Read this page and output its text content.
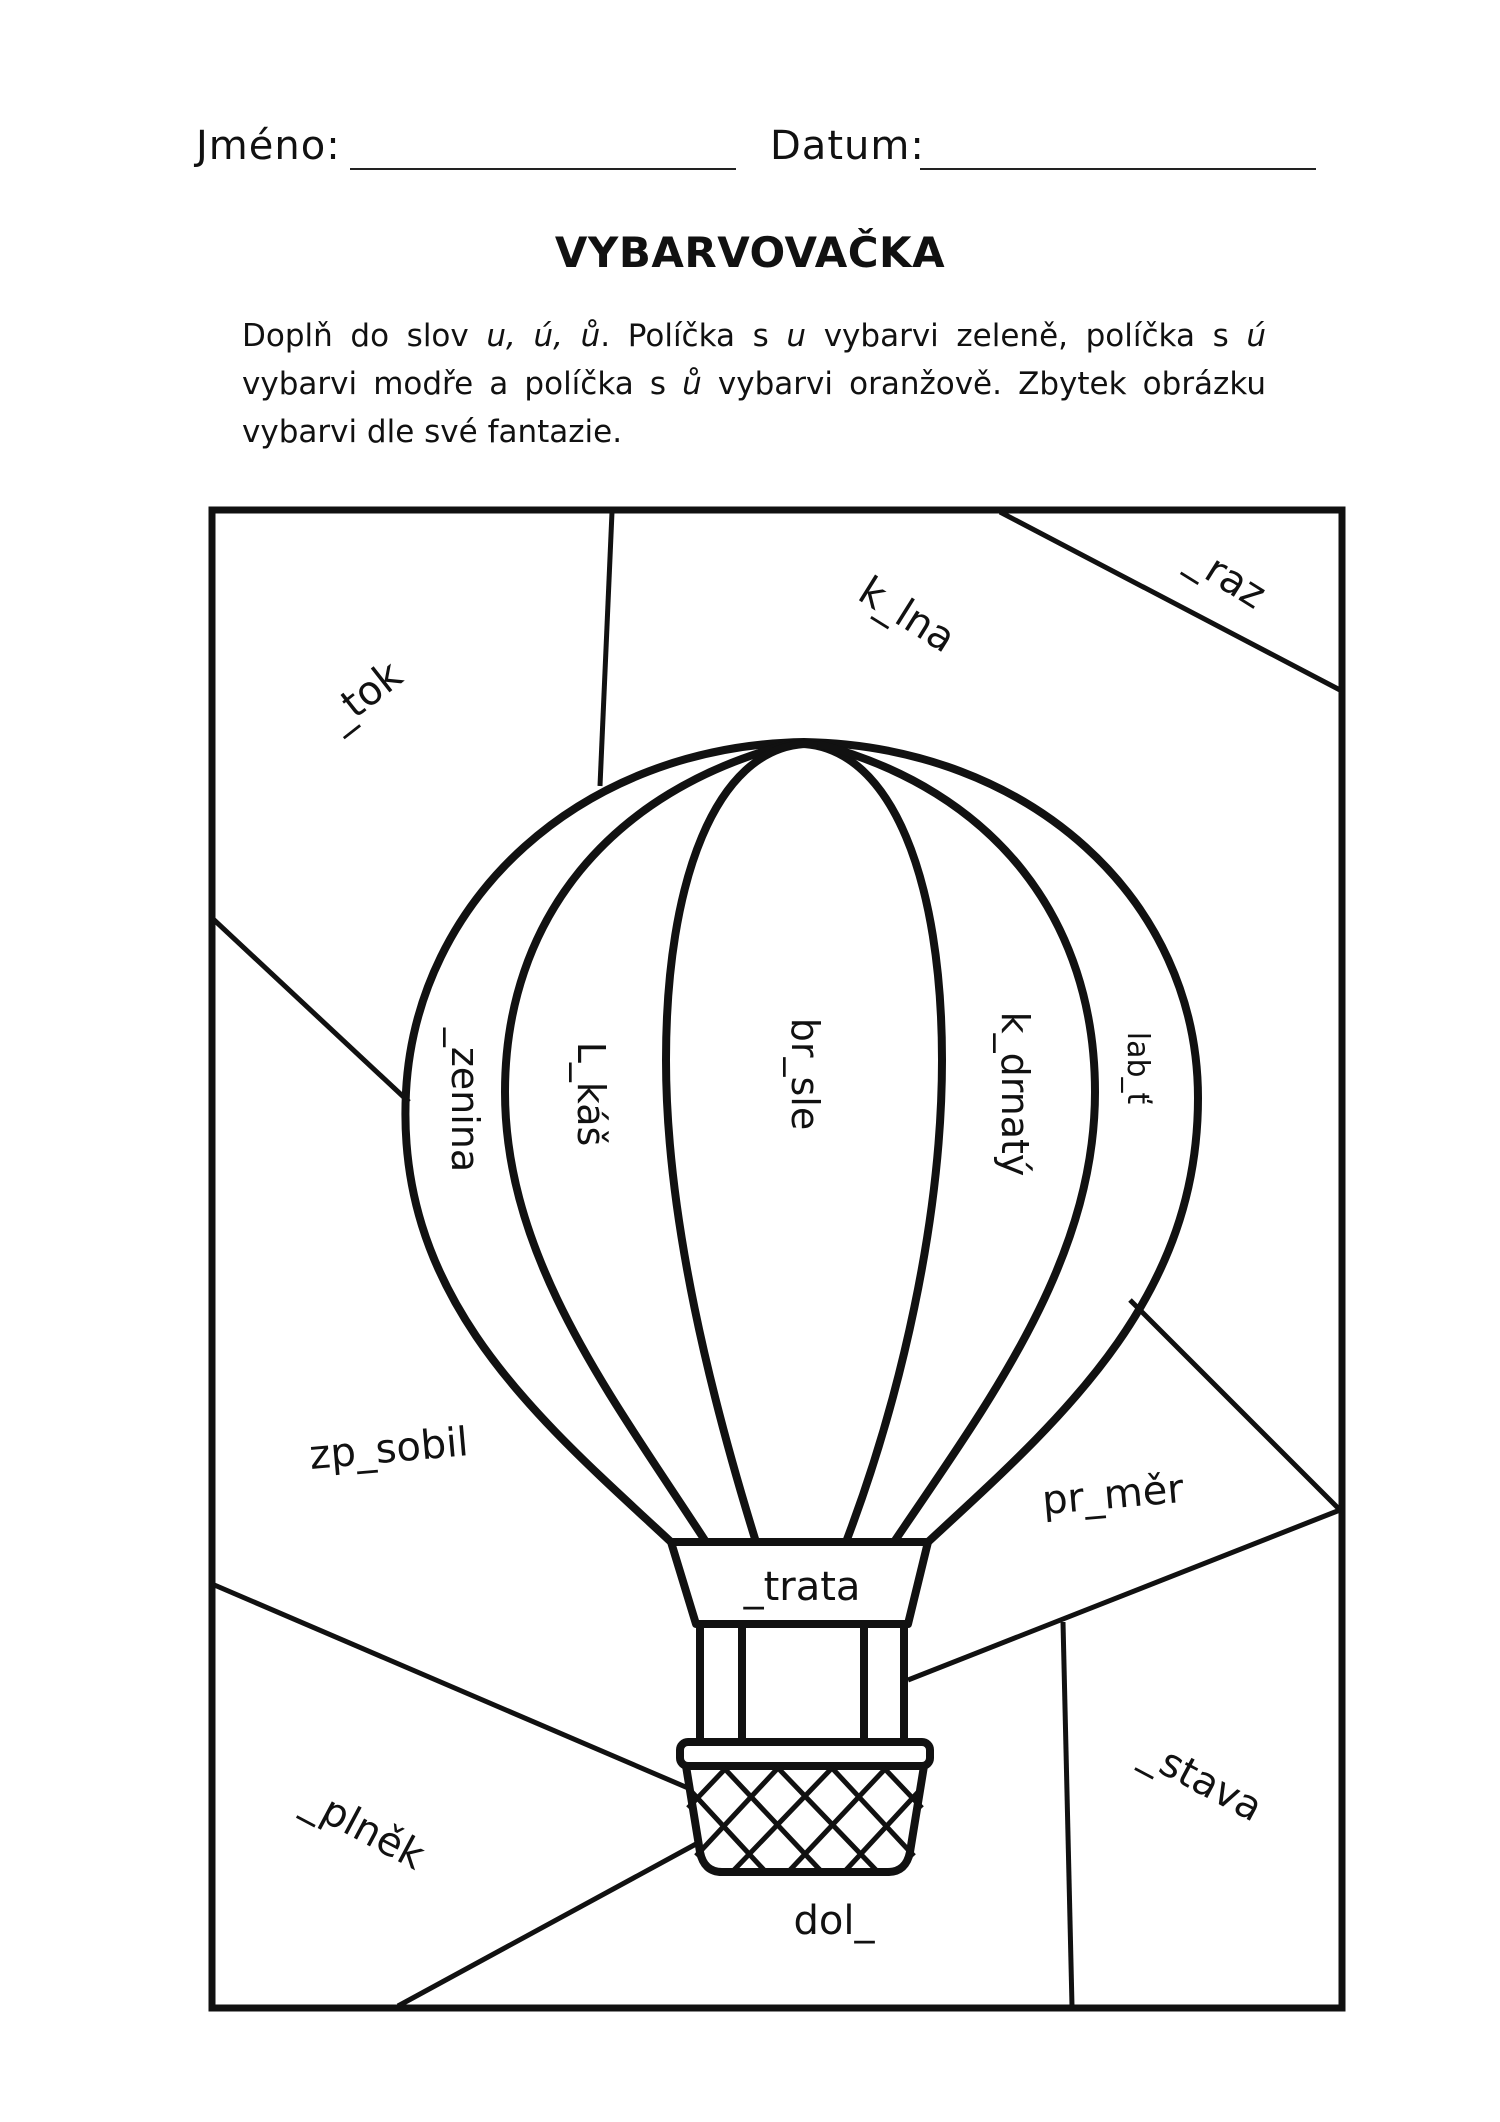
Jméno:	Datum:
VYBARVOVAČKA
Doplň do slov u, ú, ů. Políčka s u vybarvi zeleně, políčka s ú vybarvi modře a políčka s ů vybarvi oranžově. Zbytek obrázku vybarvi dle své fantazie.
_raz
k_lna
_tok
_zenina L_káš	br_sle	k_drnatý	lab_ť
zp_sobil
pr_měr
_trata
_stava
_plněk
dol_
